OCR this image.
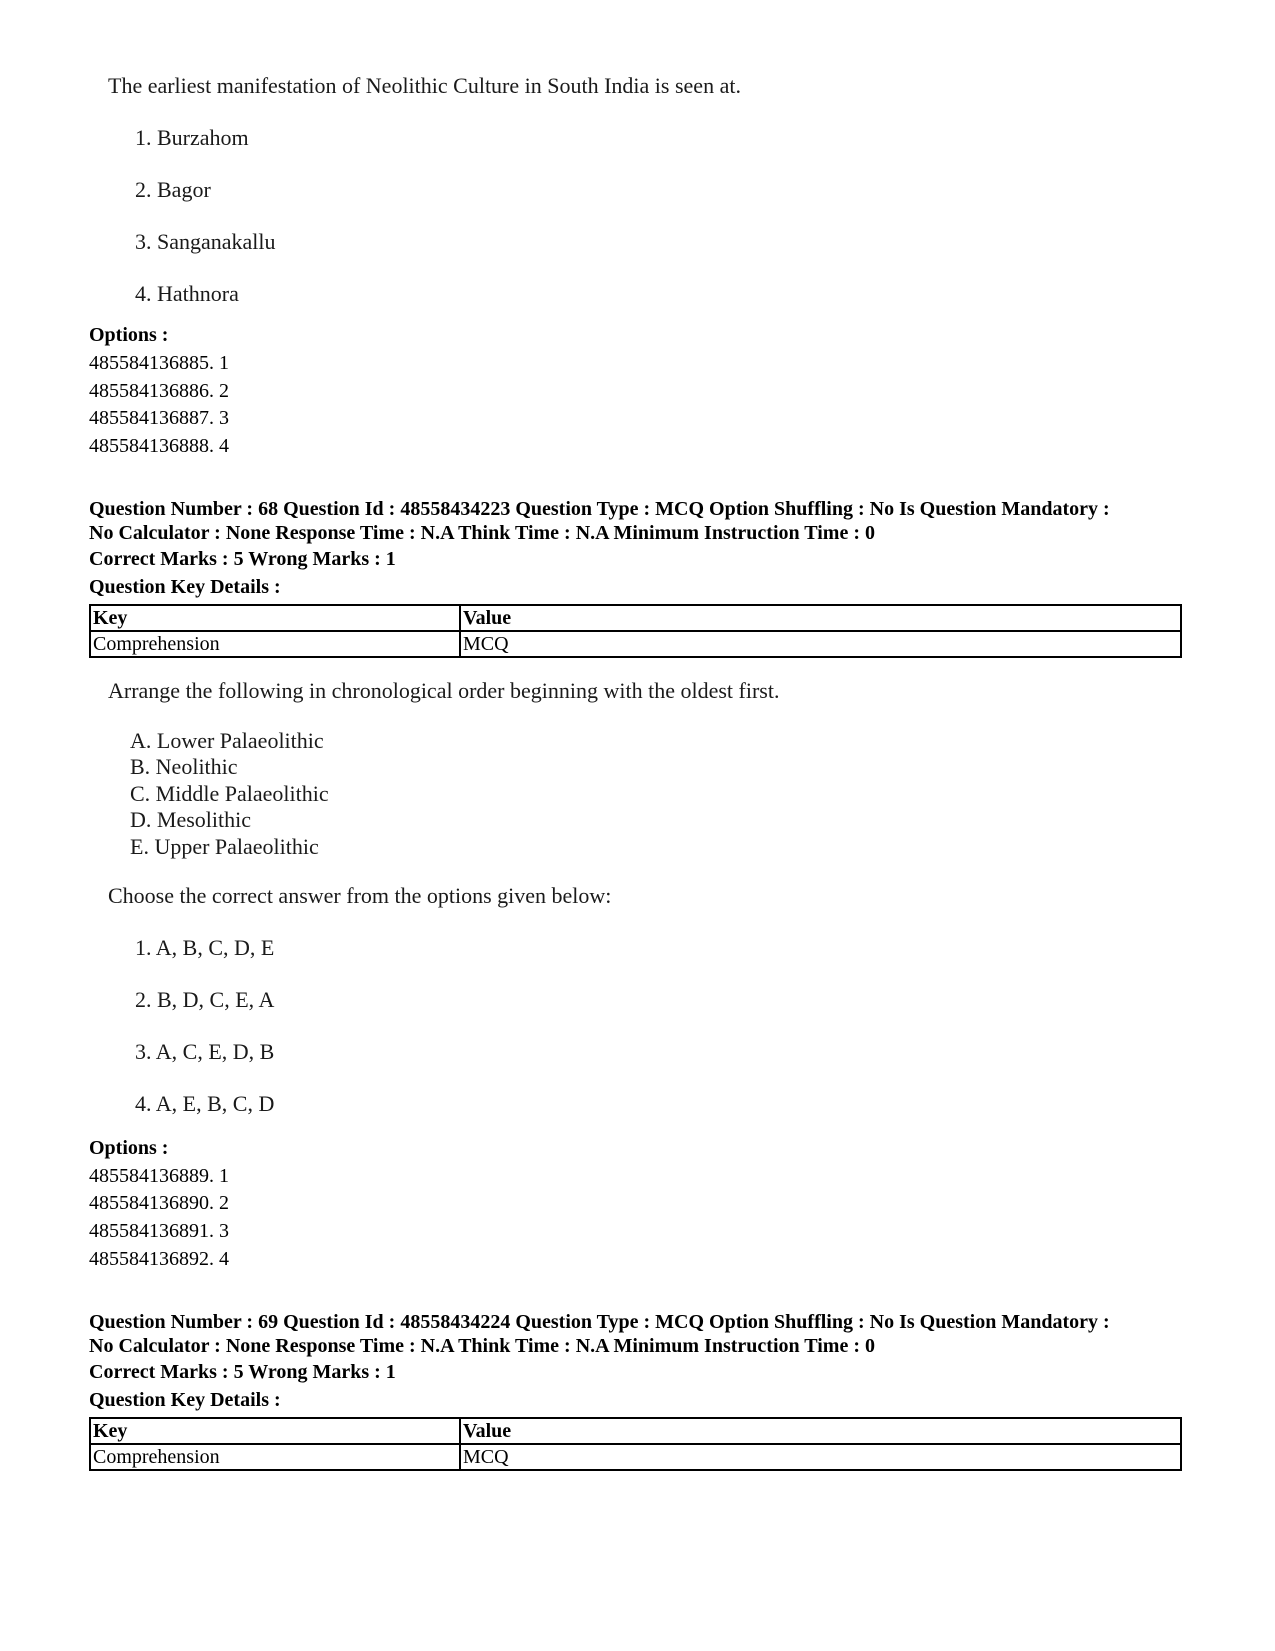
The earliest manifestation of Neolithic Culture in South India is seen at.
1. Burzahom
2. Bagor
3. Sanganakallu
4. Hathnora
Options :
485584136885. 1
485584136886. 2
485584136887. 3
485584136888. 4
Question Number : 68 Question Id : 48558434223 Question Type : MCQ Option Shuffling : No Is Question Mandatory :
No Calculator : None Response Time : N.A Think Time : N.A Minimum Instruction Time : 0
Correct Marks : 5 Wrong Marks : 1
Question Key Details :
Key	Value
Comprehension	MCQ
Arrange the following in chronological order beginning with the oldest first.
A. Lower Palaeolithic
B. Neolithic
C. Middle Palaeolithic
D. Mesolithic
E. Upper Palaeolithic
Choose the correct answer from the options given below:
1. A, B, C, D, E
2. B, D, C, E, A
3. A, C, E, D, B
4. A, E, B, C, D
Options :
485584136889. 1
485584136890. 2
485584136891. 3
485584136892. 4
Question Number : 69 Question Id : 48558434224 Question Type : MCQ Option Shuffling : No Is Question Mandatory :
No Calculator : None Response Time : N.A Think Time : N.A Minimum Instruction Time : 0
Correct Marks : 5 Wrong Marks : 1
Question Key Details :
Key	Value
Comprehension	MCQ
